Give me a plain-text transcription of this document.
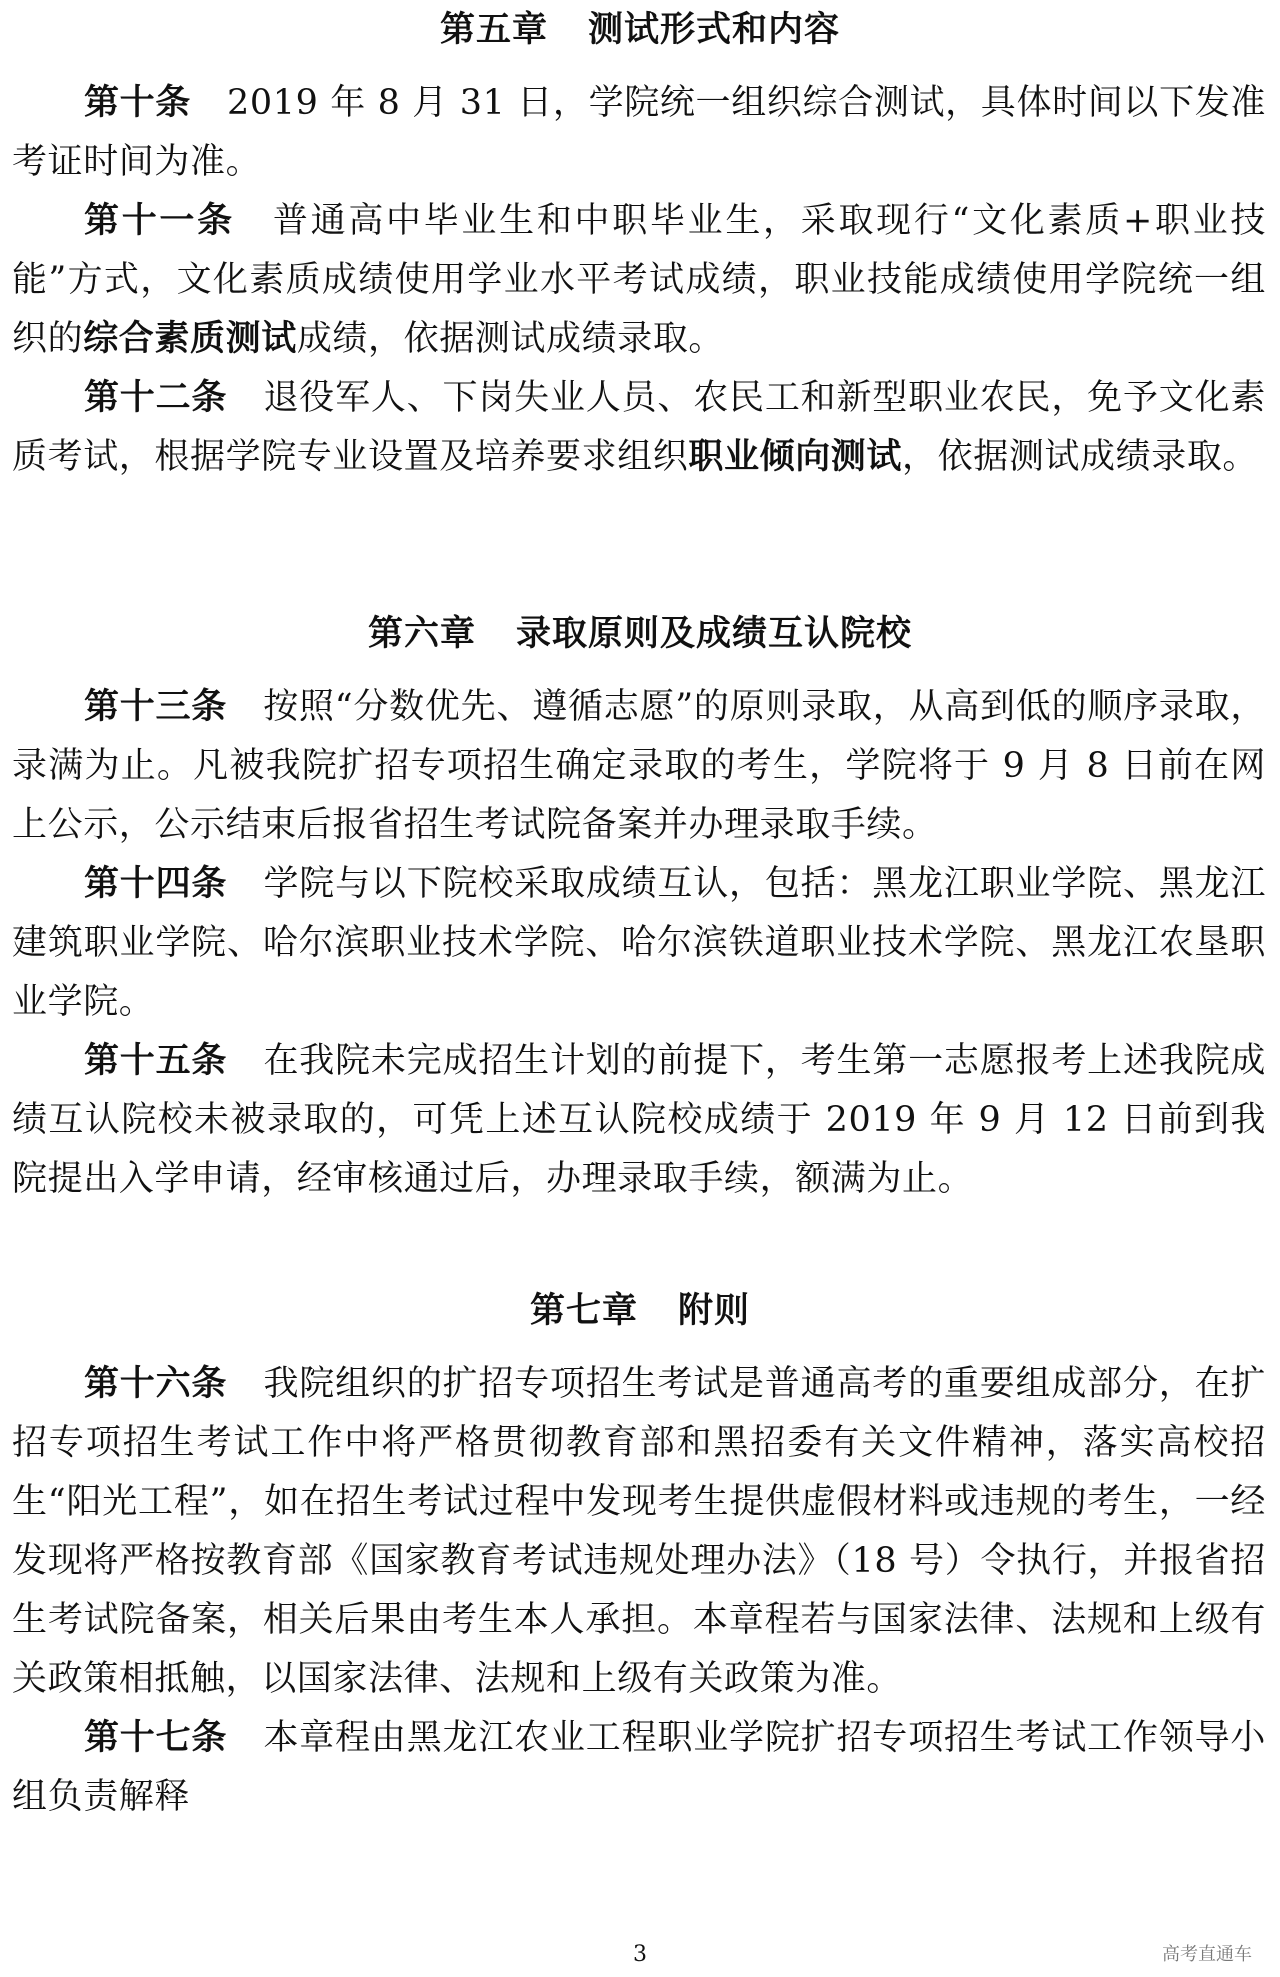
第五章 测试形式和内容

第十条 2019 年 8 月 31 日，学院统一组织综合测试，具体时间以下发准考证时间为准。

第十一条 普通高中毕业生和中职毕业生，采取现行“文化素质+职业技能”方式，文化素质成绩使用学业水平考试成绩，职业技能成绩使用学院统一组织的综合素质测试成绩，依据测试成绩录取。

第十二条 退役军人、下岗失业人员、农民工和新型职业农民，免予文化素质考试，根据学院专业设置及培养要求组织职业倾向测试，依据测试成绩录取。

第六章 录取原则及成绩互认院校

第十三条 按照“分数优先、遵循志愿”的原则录取，从高到低的顺序录取，录满为止。凡被我院扩招专项招生确定录取的考生，学院将于 9 月 8 日前在网上公示，公示结束后报省招生考试院备案并办理录取手续。

第十四条 学院与以下院校采取成绩互认，包括：黑龙江职业学院、黑龙江建筑职业学院、哈尔滨职业技术学院、哈尔滨铁道职业技术学院、黑龙江农垦职业学院。

第十五条 在我院未完成招生计划的前提下，考生第一志愿报考上述我院成绩互认院校未被录取的，可凭上述互认院校成绩于 2019 年 9 月 12 日前到我院提出入学申请，经审核通过后，办理录取手续，额满为止。

第七章 附则

第十六条 我院组织的扩招专项招生考试是普通高考的重要组成部分，在扩招专项招生考试工作中将严格贯彻教育部和黑招委有关文件精神，落实高校招生“阳光工程”，如在招生考试过程中发现考生提供虚假材料或违规的考生，一经发现将严格按教育部《国家教育考试违规处理办法》（18 号）令执行，并报省招生考试院备案，相关后果由考生本人承担。本章程若与国家法律、法规和上级有关政策相抵触，以国家法律、法规和上级有关政策为准。

第十七条 本章程由黑龙江农业工程职业学院扩招专项招生考试工作领导小组负责解释

高考直通车
3
